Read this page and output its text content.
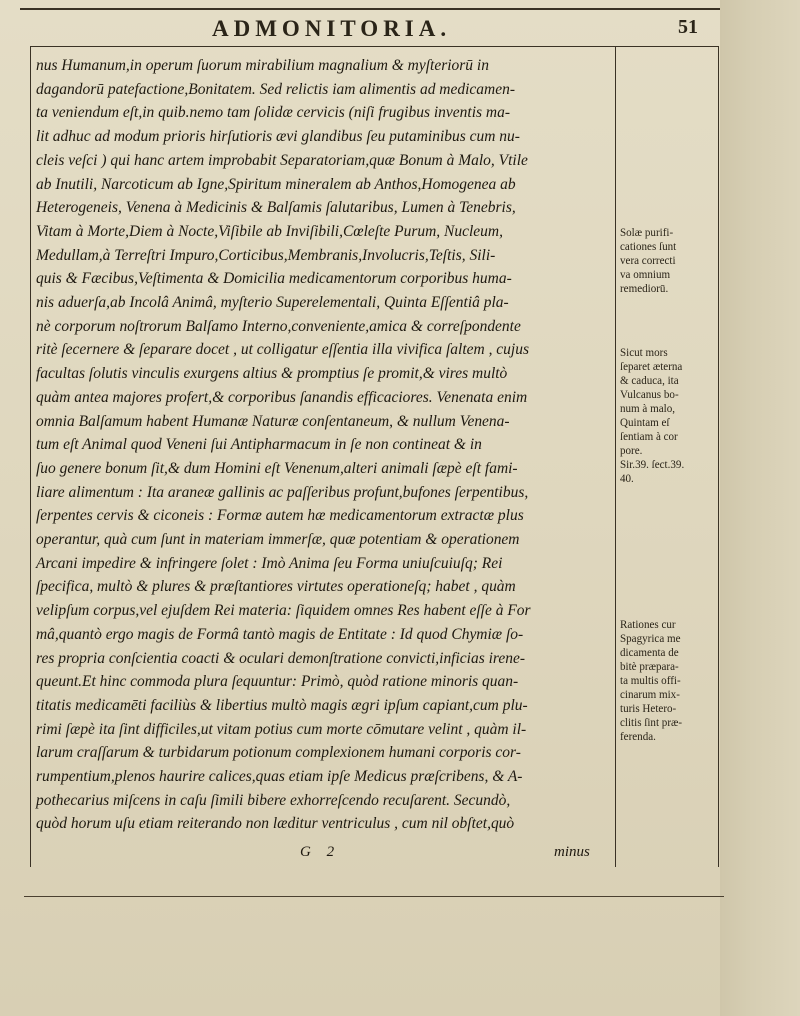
ADMONITORIA.	51
nus Humanum,in operum ſuorum mirabilium magnalium & myſteriorū in
dagandorū patefactione,Bonitatem. Sed relictis iam alimentis ad medicamen-
ta veniendum eſt,in quib.nemo tam ſolidæ cervicis (niſi frugibus inventis ma-
lit adhuc ad modum prioris hirſutioris ævi glandibus ſeu putaminibus cum nu-
cleis veſci ) qui hanc artem improbabit Separatoriam,quæ Bonum à Malo, Vtile
ab Inutili, Narcoticum ab Igne,Spiritum mineralem ab Anthos,Homogenea ab
Heterogeneis, Venena à Medicinis & Balſamis ſalutaribus, Lumen à Tenebris,
Vitam à Morte,Diem à Nocte,Viſibile ab Inviſibili,Cœleſte Purum, Nucleum,
Medullam,à Terreſtri Impuro,Corticibus,Membranis,Involucris,Teſtis, Sili-
quis & Fæcibus,Veſtimenta & Domicilia medicamentorum corporibus huma-
nis aduerſa,ab Incolâ Animâ, myſterio Superelementali, Quinta Eſſentiâ pla-
nè corporum noſtrorum Balſamo Interno,conveniente,amica & correſpondente
ritè ſecernere & ſeparare docet , ut colligatur eſſentia illa vivifica ſaltem , cujus
facultas ſolutis vinculis exurgens altius & promptius ſe promit,& vires multò
quàm antea majores profert,& corporibus ſanandis efficaciores. Venenata enim
omnia Balſamum habent Humanæ Naturæ conſentaneum, & nullum Venena-
tum eſt Animal quod Veneni ſui Antipharmacum in ſe non contineat & in
ſuo genere bonum ſit,& dum Homini eſt Venenum,alteri animali ſæpè eſt fami-
liare alimentum : Ita araneæ gallinis ac paſſeribus profunt,bufones ſerpentibus,
ſerpentes cervis & ciconeis : Formæ autem hæ medicamentorum extractæ plus
operantur, quà cum ſunt in materiam immerſæ, quæ potentiam & operationem
Arcani impedire & infringere ſolet : Imò Anima ſeu Forma uniuſcuiuſq; Rei
ſpecifica, multò & plures & præſtantiores virtutes operationeſq; habet , quàm
velipſum corpus,vel ejuſdem Rei materia: ſiquidem omnes Res habent eſſe à For
mâ,quantò ergo magis de Formâ tantò magis de Entitate : Id quod Chymiæ ſo-
res propria conſcientia coacti & oculari demonſtratione convicti,inficias irene-
queunt.Et hinc commoda plura ſequuntur: Primò, quòd ratione minoris quan-
titatis medicamēti faciliùs & libertius multò magis ægri ipſum capiant,cum plu-
rimi ſæpè ita ſint difficiles,ut vitam potius cum morte cōmutare velint , quàm il-
larum craſſarum & turbidarum potionum complexionem humani corporis cor-
rumpentium,plenos haurire calices,quas etiam ipſe Medicus præſcribens, & A-
pothecarius miſcens in caſu ſimili bibere exhorreſcendo recuſarent. Secundò,
quòd horum uſu etiam reiterando non læditur ventriculus , cum nil obſtet,quò
Solæ purifi-
cationes ſunt
vera correcti
va omnium
remediorū.
Sicut mors
ſeparet æterna
& caduca, ita
Vulcanus bo-
num à malo,
Quintam eſ
ſentiam à cor
pore.
Sir.39. ſect.39.
40.
Rationes cur
Spagyrica me
dicamenta de
bitè præpara-
ta multis offi-
cinarum mix-
turis Hetero-
clitis ſint præ-
ferenda.
G 2	minus
